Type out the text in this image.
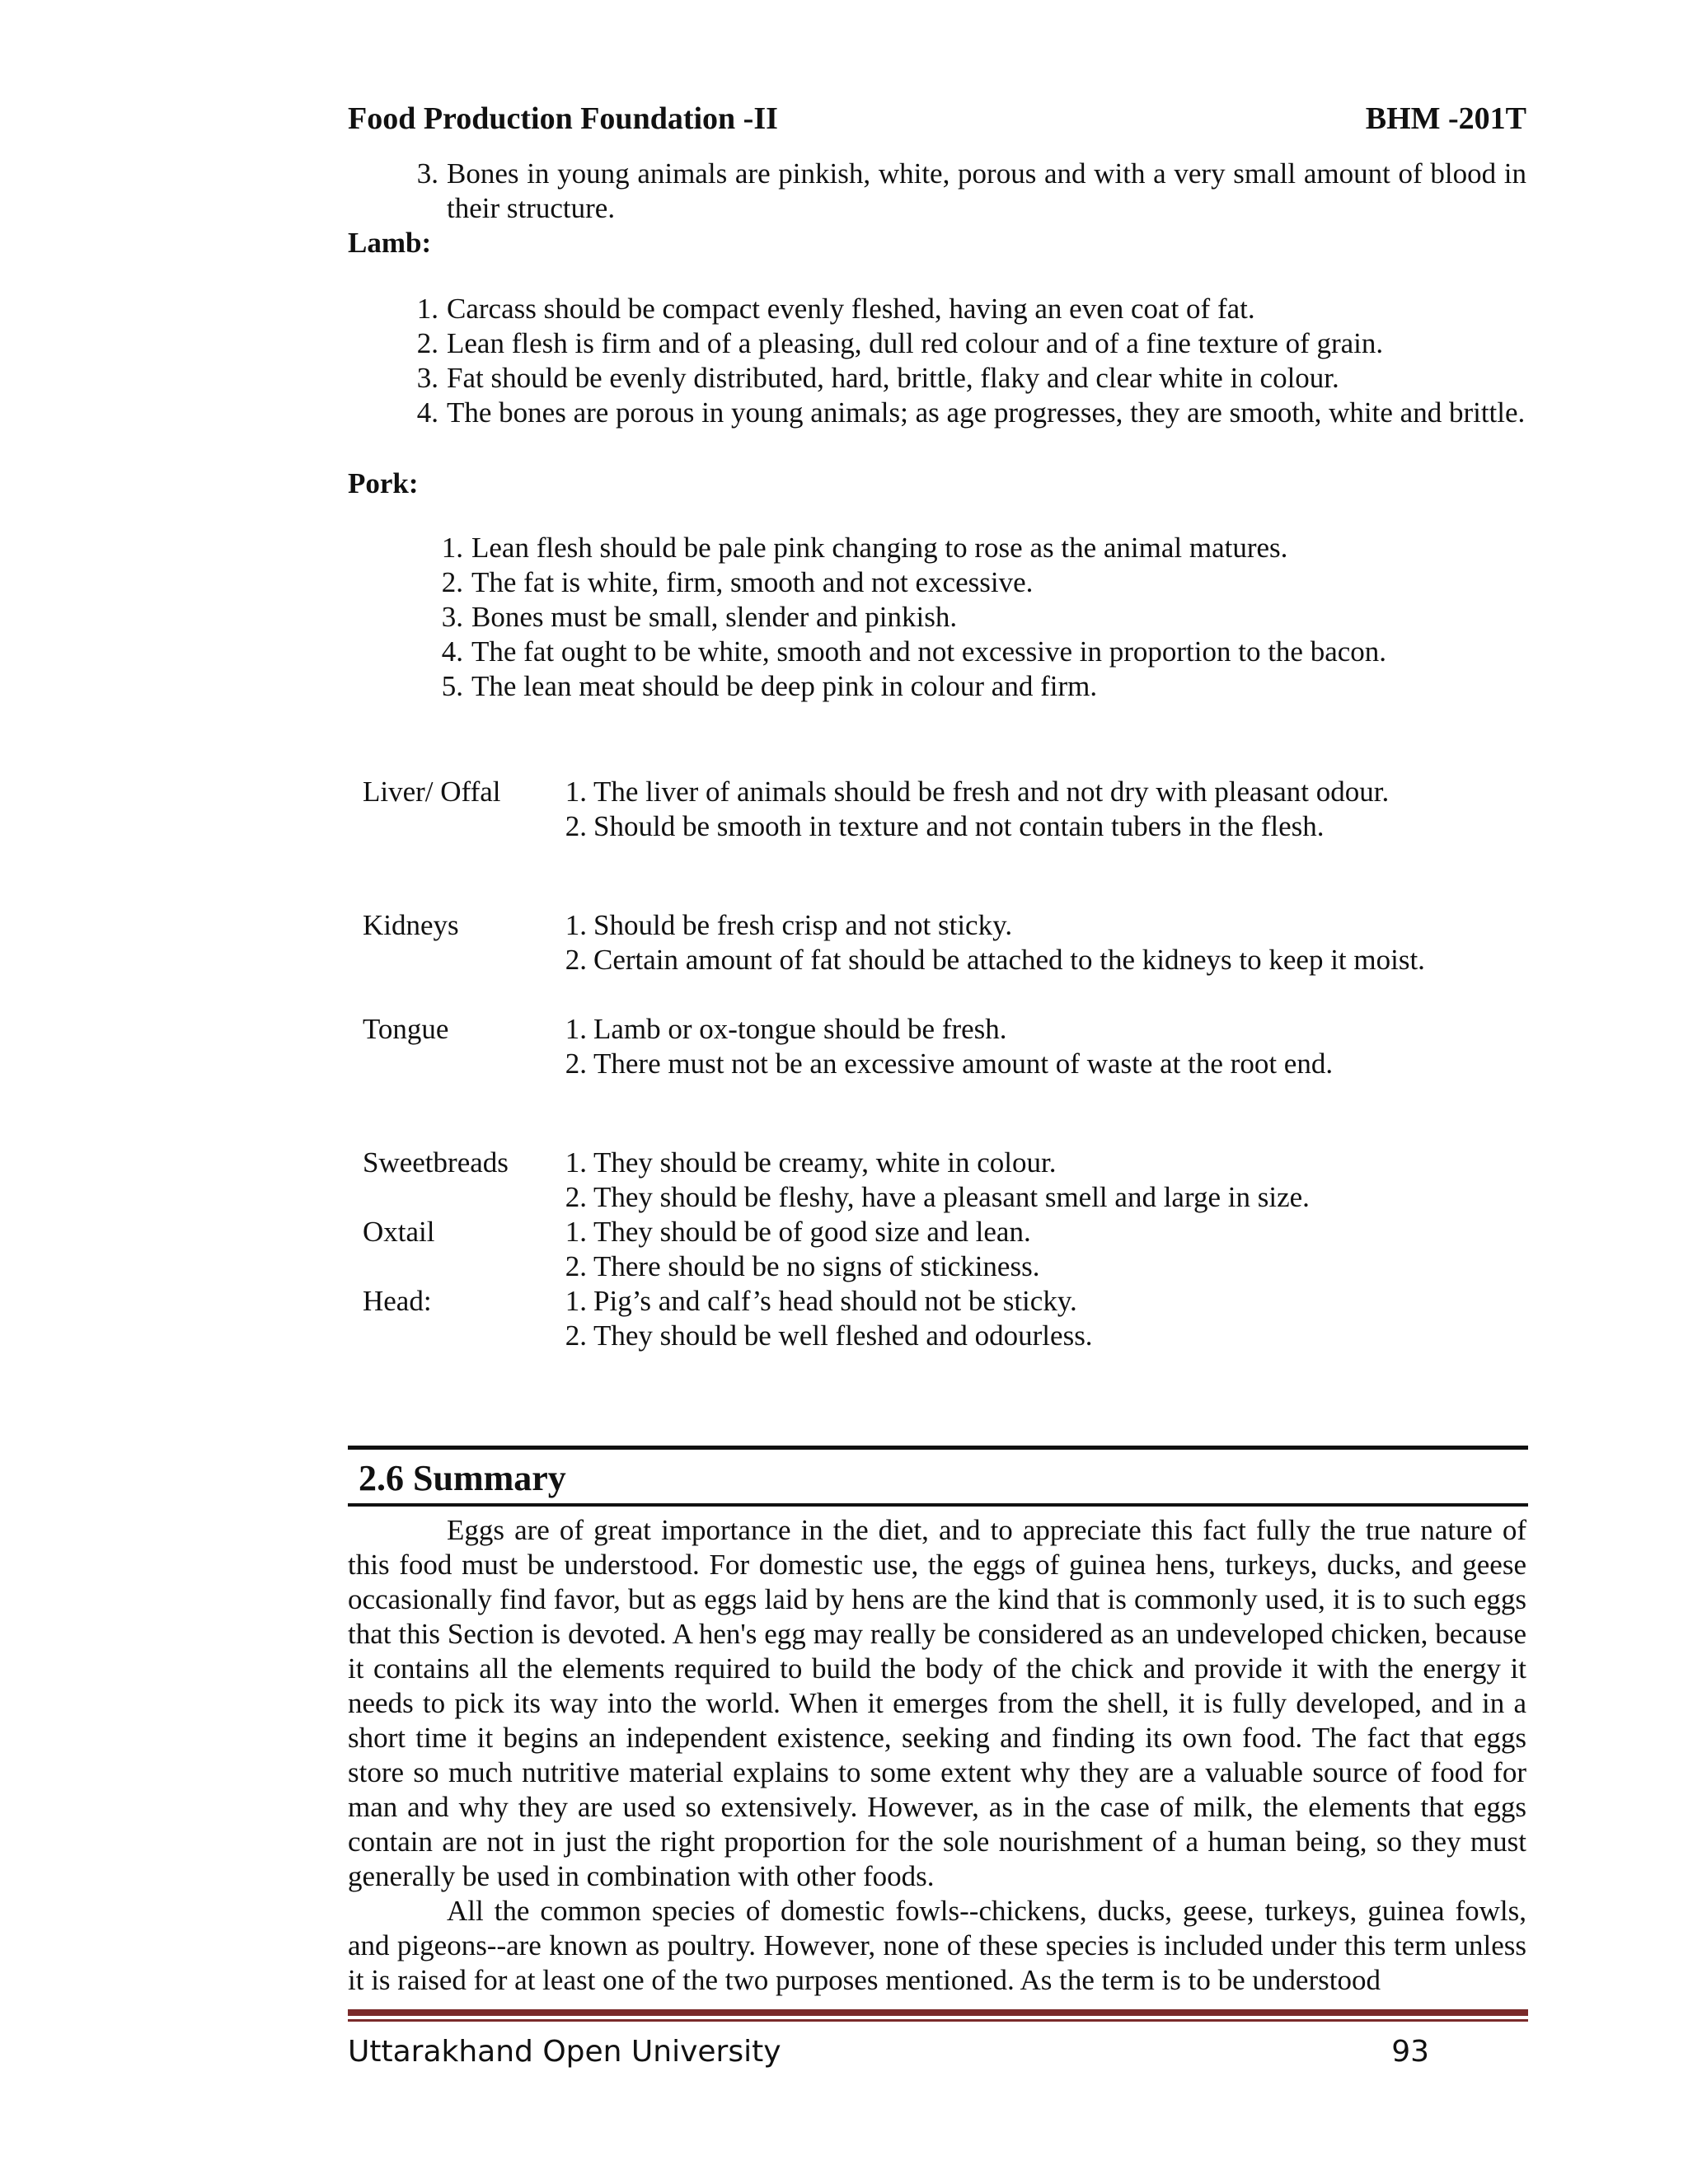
Food Production Foundation -II	BHM -201T
3. Bones in young animals are pinkish, white, porous and with a very small amount of blood in their structure.
Lamb:
1. Carcass should be compact evenly fleshed, having an even coat of fat.
2. Lean flesh is firm and of a pleasing, dull red colour and of a fine texture of grain.
3. Fat should be evenly distributed, hard, brittle, flaky and clear white in colour.
4. The bones are porous in young animals; as age progresses, they are smooth, white and brittle.
Pork:
1. Lean flesh should be pale pink changing to rose as the animal matures.
2. The fat is white, firm, smooth and not excessive.
3. Bones must be small, slender and pinkish.
4. The fat ought to be white, smooth and not excessive in proportion to the bacon.
5. The lean meat should be deep pink in colour and firm.
Liver/ Offal	1. The liver of animals should be fresh and not dry with pleasant odour.
2. Should be smooth in texture and not contain tubers in the flesh.
Kidneys	1. Should be fresh crisp and not sticky.
2. Certain amount of fat should be attached to the kidneys to keep it moist.
Tongue	1. Lamb or ox-tongue should be fresh.
2. There must not be an excessive amount of waste at the root end.
Sweetbreads	1. They should be creamy, white in colour.
2. They should be fleshy, have a pleasant smell and large in size.
Oxtail	1. They should be of good size and lean.
2. There should be no signs of stickiness.
Head:	1. Pig’s and calf’s head should not be sticky.
2. They should be well fleshed and odourless.
2.6 Summary

Eggs are of great importance in the diet, and to appreciate this fact fully the true nature of this food must be understood. For domestic use, the eggs of guinea hens, turkeys, ducks, and geese occasionally find favor, but as eggs laid by hens are the kind that is commonly used, it is to such eggs that this Section is devoted. A hen's egg may really be considered as an undeveloped chicken, because it contains all the elements required to build the body of the chick and provide it with the energy it needs to pick its way into the world. When it emerges from the shell, it is fully developed, and in a short time it begins an independent existence, seeking and finding its own food. The fact that eggs store so much nutritive material explains to some extent why they are a valuable source of food for man and why they are used so extensively. However, as in the case of milk, the elements that eggs contain are not in just the right proportion for the sole nourishment of a human being, so they must generally be used in combination with other foods.

All the common species of domestic fowls--chickens, ducks, geese, turkeys, guinea fowls, and pigeons--are known as poultry. However, none of these species is included under this term unless it is raised for at least one of the two purposes mentioned. As the term is to be understood

Uttarakhand Open University	93
